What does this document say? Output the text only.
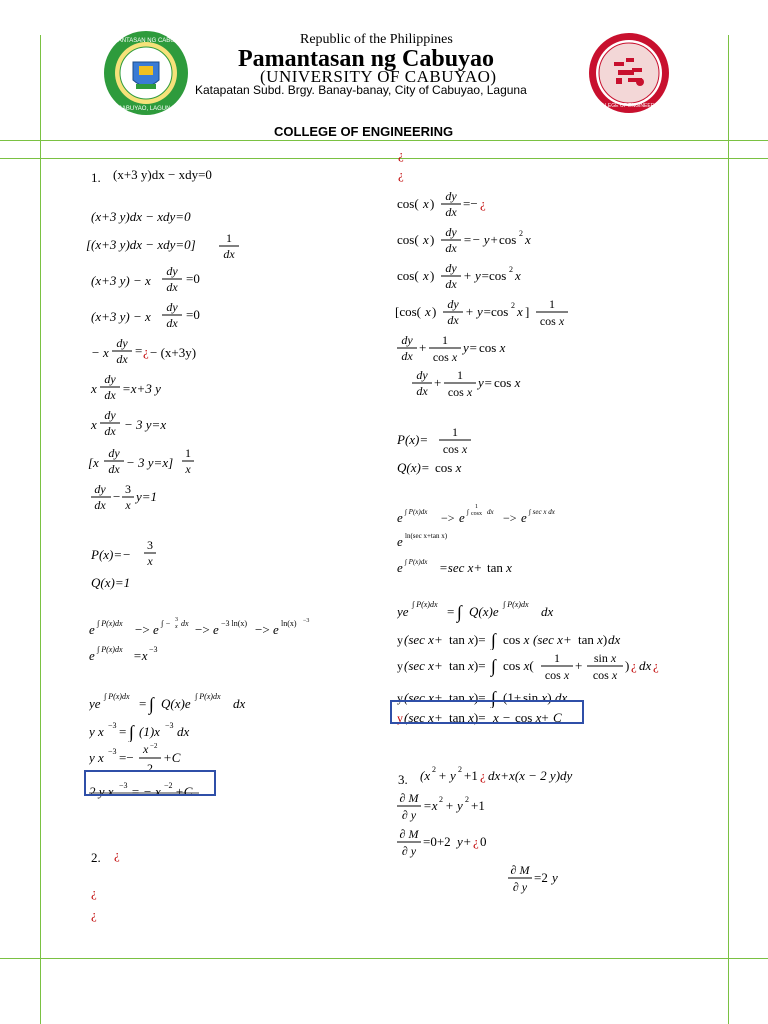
PAMANTASAN NG CABUYAO
CABUYAO, LAGUNA	COLLEGE OF ENGINEERING
Republic of the Philippines
Pamantasan ng Cabuyao
(UNIVERSITY OF CABUYAO)
Katapatan Subd. Brgy. Banay-banay, City of Cabuyao, Laguna
COLLEGE OF ENGINEERING
1. (x+3 y)dx − xdy=0
(x+3 y)dx − xdy=0
[(x+3 y)dx − xdy=0]	1
dx
(x+3 y) − x
dy
dx
=0
(x+3 y) − x
dy
dx
=0
− x
dy
dx
= ¿ − (x+3y)
x
dy
dx =x+3 y
x
dy
dx − 3 y=x
[x
dy
dx − 3 y=x]
1
x
dy
dx
− 3
x
y=1
P(x)=−
3
x
Q(x)=1
e ∫ P(x)dx −> e ∫ − 3
x dx −> e −3 ln(x) −> e ln(x) −3
e ∫ P(x)dx =x −3
ye ∫ P(x)dx = ∫ Q(x)e ∫ P(x)dx dx
y x −3 = ∫ (1)x −3 dx
y x −3 =−
x −2
2
+C
2 y x −3 = − x −2 +C
2. ¿
¿
¿
¿
¿
cos( x ) dy
dx
=− ¿
cos( x ) dy
dx
=− y+ cos 2 x
cos( x ) dy
dx
+ y= cos 2 x
[cos( x ) dy
dx
+ y= cos 2 x ] 1
cos x
dy
dx
+ 1
cos x
y= cos x
dy
dx
+ 1
cos x
y= cos x
P(x)= 1
cos x
Q(x)= cos x
e ∫ P(x)dx −> e ∫
1
cosx dx −> e ∫ sec x dx
e ln(sec x+tan x)
e ∫ P(x)dx =sec x+ tan x
ye ∫ P(x)dx = ∫ Q(x)e ∫ P(x)dx dx
y (sec x+ tan x)= ∫ cos x (sec x+ tan x) dx
y (sec x+ tan x)= ∫ cos x( 1
cos x
+ sin x
cos x
) ¿ dx ¿
y (sec x+ tan x)= ∫ (1+ sin x) dx
y (sec x+ tan x)= x − cos x+ C
3. (x 2 + y 2 +1 ¿ dx+x(x − 2 y)dy
∂ M
∂ y
=x 2 + y 2 +1
∂ M
∂ y
=0+2 y+ ¿ 0
∂ M
∂ y
=2 y
